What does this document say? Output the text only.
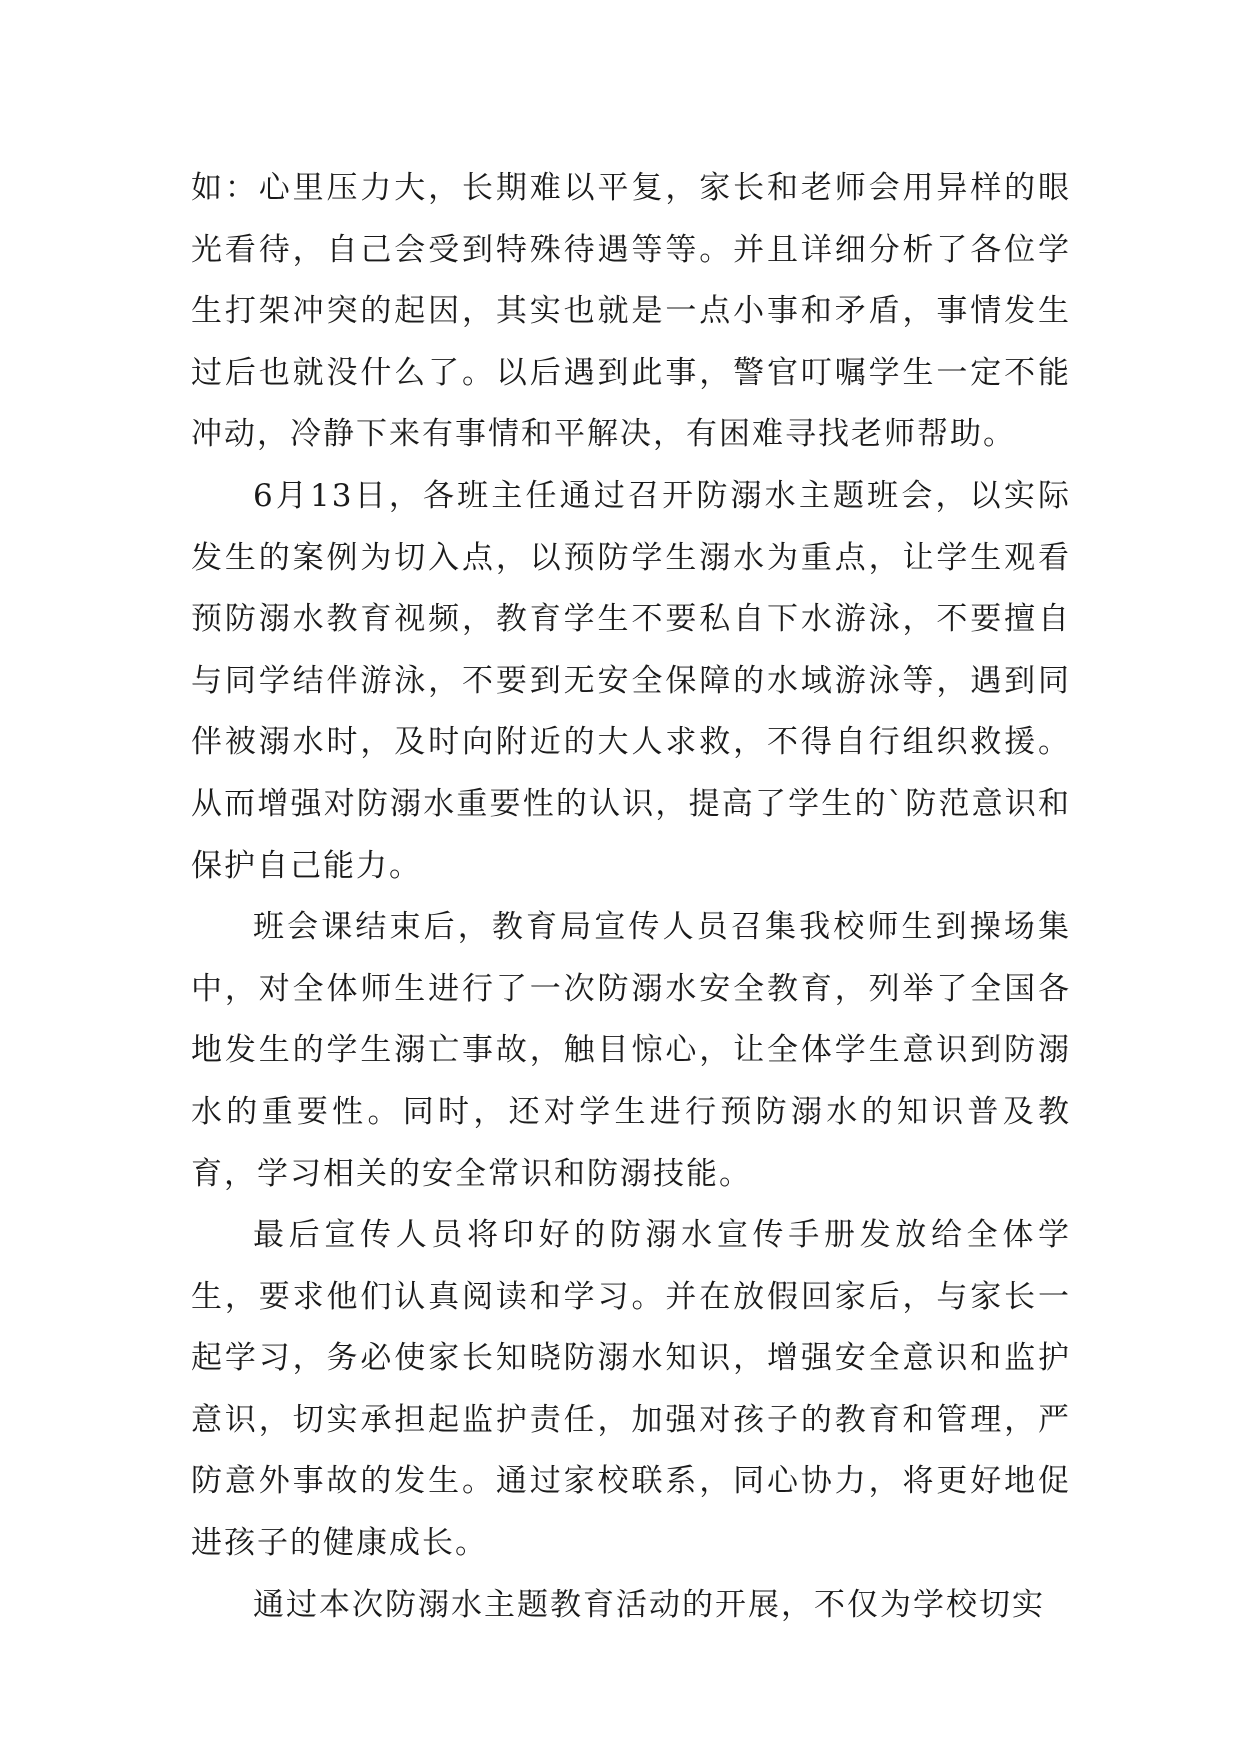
如：心里压力大，长期难以平复，家长和老师会用异样的眼光看待，自己会受到特殊待遇等等。并且详细分析了各位学生打架冲突的起因，其实也就是一点小事和矛盾，事情发生过后也就没什么了。以后遇到此事，警官叮嘱学生一定不能冲动，冷静下来有事情和平解决，有困难寻找老师帮助。

6月13日，各班主任通过召开防溺水主题班会，以实际发生的案例为切入点，以预防学生溺水为重点，让学生观看预防溺水教育视频，教育学生不要私自下水游泳，不要擅自与同学结伴游泳，不要到无安全保障的水域游泳等，遇到同伴被溺水时，及时向附近的大人求救，不得自行组织救援。从而增强对防溺水重要性的认识，提高了学生的`防范意识和保护自己能力。

班会课结束后，教育局宣传人员召集我校师生到操场集中，对全体师生进行了一次防溺水安全教育，列举了全国各地发生的学生溺亡事故，触目惊心，让全体学生意识到防溺水的重要性。同时，还对学生进行预防溺水的知识普及教育，学习相关的安全常识和防溺技能。

最后宣传人员将印好的防溺水宣传手册发放给全体学生，要求他们认真阅读和学习。并在放假回家后，与家长一起学习，务必使家长知晓防溺水知识，增强安全意识和监护意识，切实承担起监护责任，加强对孩子的教育和管理，严防意外事故的发生。通过家校联系，同心协力，将更好地促进孩子的健康成长。

通过本次防溺水主题教育活动的开展，不仅为学校切实
